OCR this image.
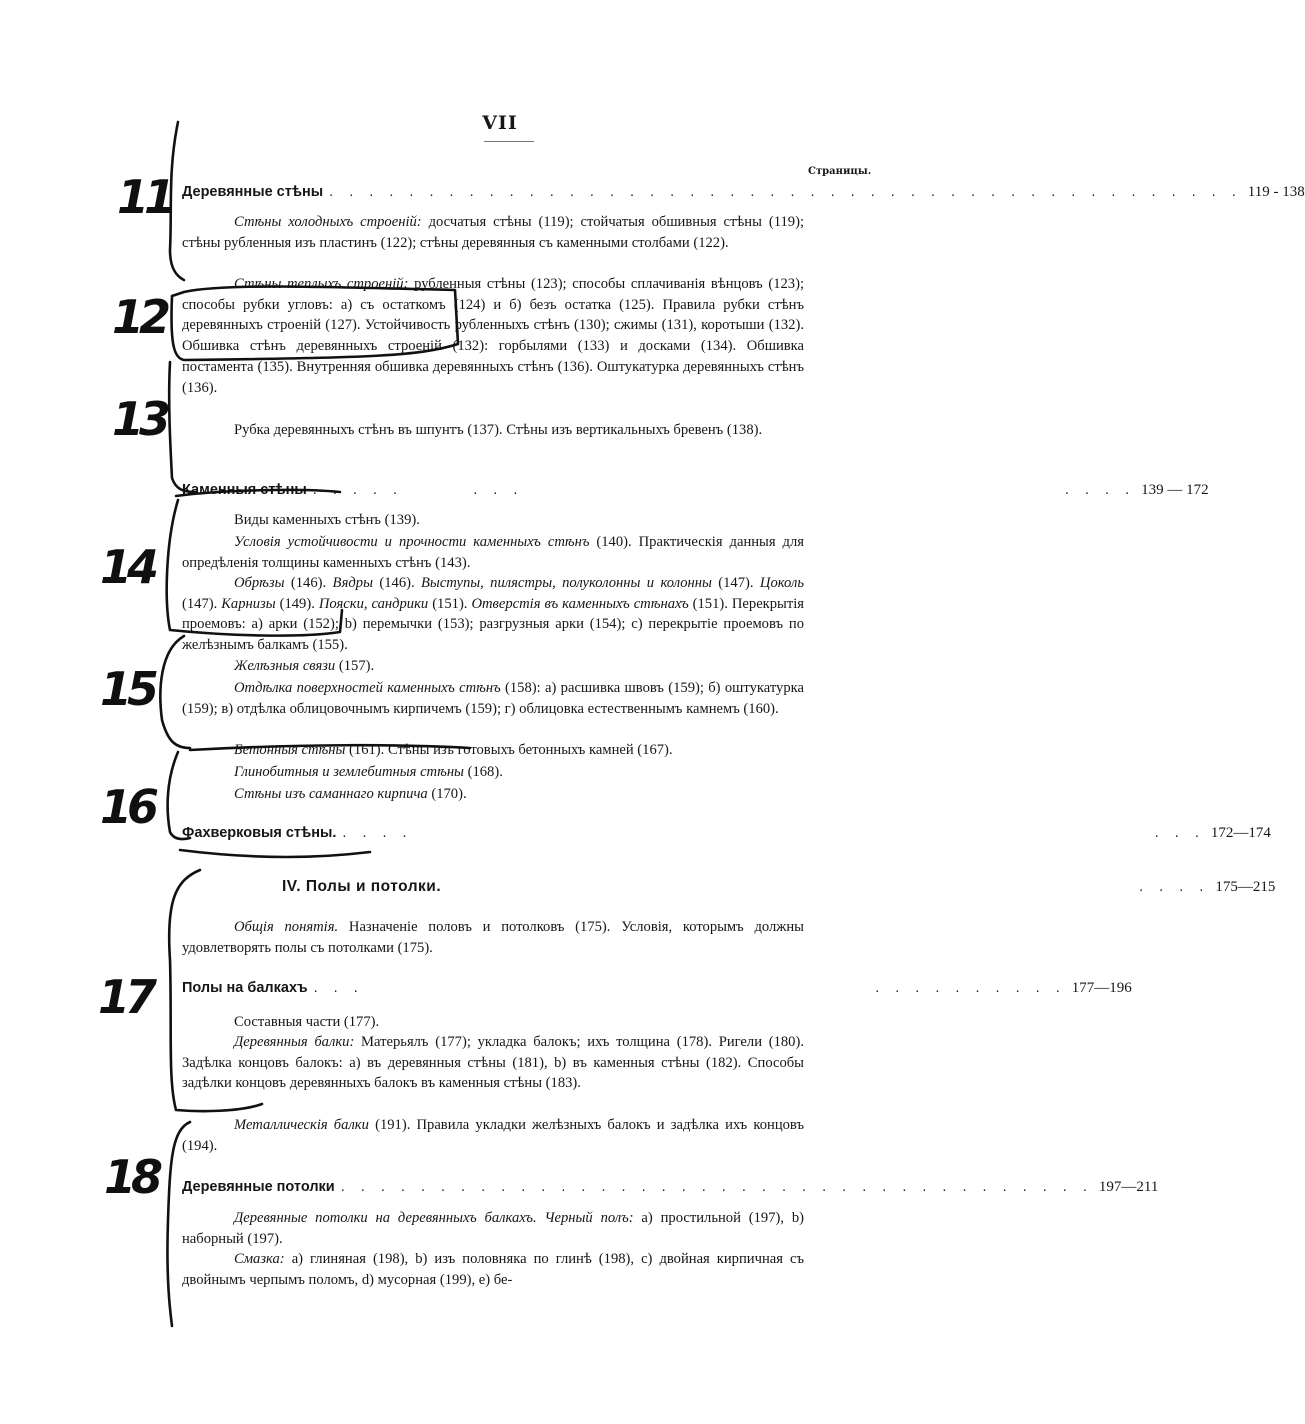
VII
Страницы.
Деревянные стѣны . . . . . . . . . . . . . . . . . . . . . . . . . . . . . . . . . . . . . . . . . . . . . . 119 - 138
Каменныя стѣны . . . . .       . . .                                                      . . . . 139 — 172
Фахверковыя стѣны. . . . .                                                                          . . . 172—174
IV. Полы и потолки. . . . . 175—215
Полы на балкахъ . . .                                                   . . . . . . . . . . 177—196
Деревянные потолки . . . . . . . . . . . . . . . . . . . . . . . . . . . . . . . . . . . . . . 197—211

Стѣны холодныхъ строеній: досчатыя стѣны (119); стойчатыя обшивныя стѣны (119); стѣны рубленныя изъ пластинъ (122); стѣны деревянныя съ каменными столбами (122).

Стѣны теплыхъ строеній: рубленныя стѣны (123); способы сплачиванія вѣнцовъ (123); способы рубки угловъ: а) съ остаткомъ (124) и б) безъ остатка (125). Правила рубки стѣнъ деревянныхъ строеній (127). Устойчивость рубленныхъ стѣнъ (130); сжимы (131), коротыши (132). Обшивка стѣнъ деревянныхъ строеній (132): горбылями (133) и досками (134). Обшивка постамента (135). Внутренняя обшивка деревянныхъ стѣнъ (136). Оштукатурка деревянныхъ стѣнъ (136).

Рубка деревянныхъ стѣнъ въ шпунтъ (137). Стѣны изъ вертикальныхъ бревенъ (138).

Виды каменныхъ стѣнъ (139).

Условія устойчивости и прочности каменныхъ стѣнъ (140). Практическія данныя для опредѣленія толщины каменныхъ стѣнъ (143).

Обрѣзы (146). Вядры (146). Выступы, пилястры, полуколонны и колонны (147). Цоколь (147). Карнизы (149). Пояски, сандрики (151). Отверстія въ каменныхъ стѣнахъ (151). Перекрытія проемовъ: а) арки (152); b) перемычки (153); разгрузныя арки (154); с) перекрытіе проемовъ по желѣзнымъ балкамъ (155).

Желѣзныя связи (157).

Отдѣлка поверхностей каменныхъ стѣнъ (158): а) расшивка швовъ (159); б) оштукатурка (159); в) отдѣлка облицовочнымъ кирпичемъ (159); г) облицовка естественнымъ камнемъ (160).

Бетонныя стѣны (161). Стѣны изъ готовыхъ бетонныхъ камней (167).

Глинобитныя и землебитныя стѣны (168).

Стѣны изъ саманнаго кирпича (170).

Общія понятія. Назначеніе половъ и потолковъ (175). Условія, которымъ должны удовлетворять полы съ потолками (175).

Составныя части (177).

Деревянныя балки: Матерьялъ (177); укладка балокъ; ихъ толщина (178). Ригели (180). Задѣлка концовъ балокъ: а) въ деревянныя стѣны (181), b) въ каменныя стѣны (182). Способы задѣлки концовъ деревянныхъ балокъ въ каменныя стѣны (183).

Металлическія балки (191). Правила укладки желѣзныхъ балокъ и задѣлка ихъ концовъ (194).

Деревянные потолки на деревянныхъ балкахъ. Черный полъ: а) простильной (197), b) наборный (197).

Смазка: а) глиняная (198), b) изъ половняка по глинѣ (198), с) двойная кирпичная съ двойнымъ черпымъ поломъ, d) мусорная (199), е) бе-

11
12
13
14
15
16
17
18
